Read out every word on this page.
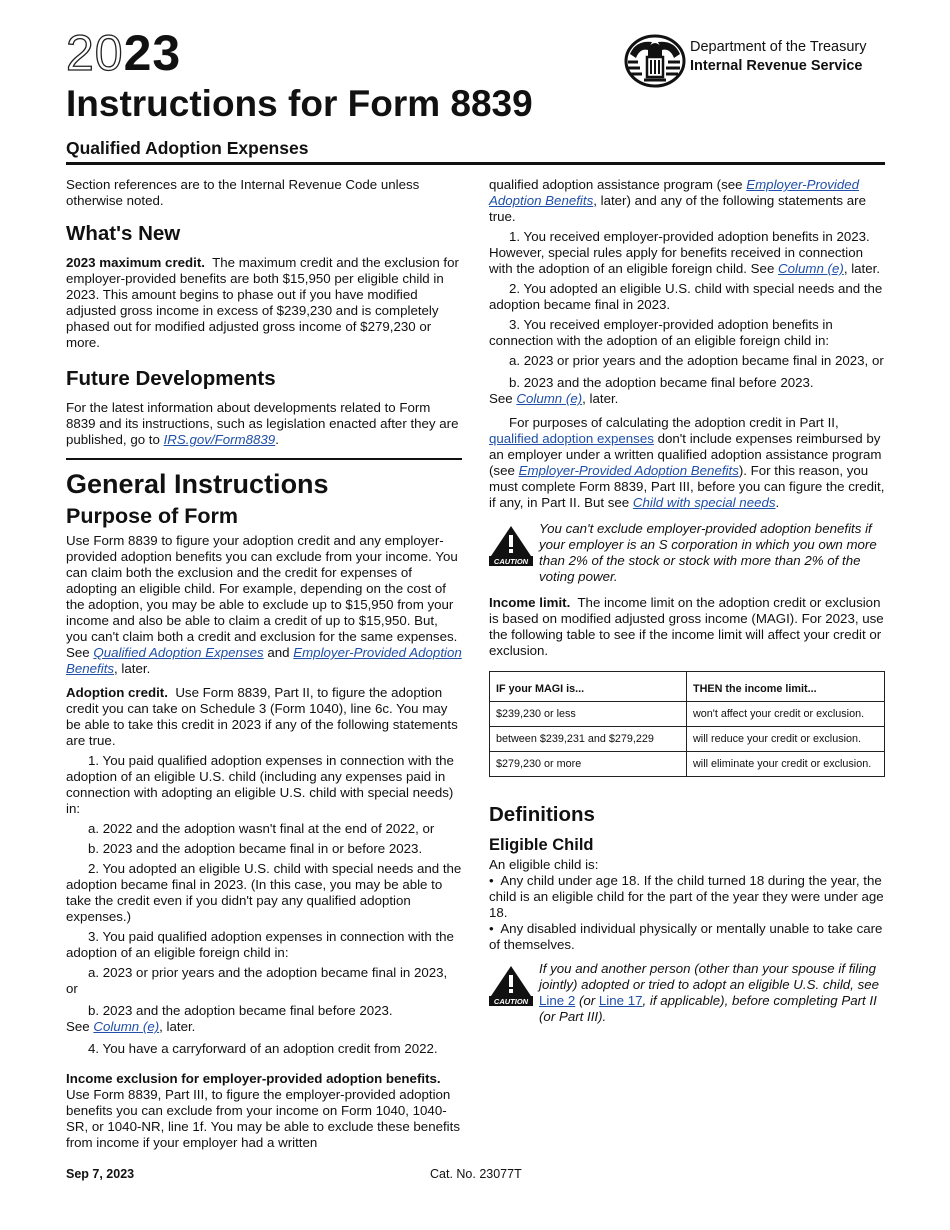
2023
Instructions for Form 8839
Qualified Adoption Expenses
Department of the Treasury
Internal Revenue Service

Section references are to the Internal Revenue Code unless otherwise noted.

What's New

2023 maximum credit. The maximum credit and the exclusion for employer-provided benefits are both $15,950 per eligible child in 2023. This amount begins to phase out if you have modified adjusted gross income in excess of $239,230 and is completely phased out for modified adjusted gross income of $279,230 or more.

Future Developments

For the latest information about developments related to Form 8839 and its instructions, such as legislation enacted after they are published, go to IRS.gov/Form8839.

General Instructions
Purpose of Form

Use Form 8839 to figure your adoption credit and any employer-provided adoption benefits you can exclude from your income. You can claim both the exclusion and the credit for expenses of adopting an eligible child. For example, depending on the cost of the adoption, you may be able to exclude up to $15,950 from your income and also be able to claim a credit of up to $15,950. But, you can't claim both a credit and exclusion for the same expenses. See Qualified Adoption Expenses and Employer-Provided Adoption Benefits, later.

Adoption credit. Use Form 8839, Part II, to figure the adoption credit you can take on Schedule 3 (Form 1040), line 6c. You may be able to take this credit in 2023 if any of the following statements are true.

1. You paid qualified adoption expenses in connection with the adoption of an eligible U.S. child (including any expenses paid in connection with adopting an eligible U.S. child with special needs) in:

a. 2022 and the adoption wasn't final at the end of 2022, or

b. 2023 and the adoption became final in or before 2023.

2. You adopted an eligible U.S. child with special needs and the adoption became final in 2023. (In this case, you may be able to take the credit even if you didn't pay any qualified adoption expenses.)

3. You paid qualified adoption expenses in connection with the adoption of an eligible foreign child in:

a. 2023 or prior years and the adoption became final in 2023, or

b. 2023 and the adoption became final before 2023.

See Column (e), later.

4. You have a carryforward of an adoption credit from 2022.

Income exclusion for employer-provided adoption benefits. Use Form 8839, Part III, to figure the employer-provided adoption benefits you can exclude from your income on Form 1040, 1040-SR, or 1040-NR, line 1f. You may be able to exclude these benefits from income if your employer had a written

qualified adoption assistance program (see Employer-Provided Adoption Benefits, later) and any of the following statements are true.

1. You received employer-provided adoption benefits in 2023. However, special rules apply for benefits received in connection with the adoption of an eligible foreign child. See Column (e), later.

2. You adopted an eligible U.S. child with special needs and the adoption became final in 2023.

3. You received employer-provided adoption benefits in connection with the adoption of an eligible foreign child in:

a. 2023 or prior years and the adoption became final in 2023, or

b. 2023 and the adoption became final before 2023.

See Column (e), later.

For purposes of calculating the adoption credit in Part II, qualified adoption expenses don't include expenses reimbursed by an employer under a written qualified adoption assistance program (see Employer-Provided Adoption Benefits). For this reason, you must complete Form 8839, Part III, before you can figure the credit, if any, in Part II. But see Child with special needs.

CAUTION
You can't exclude employer-provided adoption benefits if your employer is an S corporation in which you own more than 2% of the stock or stock with more than 2% of the voting power.

Income limit. The income limit on the adoption credit or exclusion is based on modified adjusted gross income (MAGI). For 2023, use the following table to see if the income limit will affect your credit or exclusion.

IF your MAGI is...	THEN the income limit...
$239,230 or less	won't affect your credit or exclusion.
between $239,231 and $279,229	will reduce your credit or exclusion.
$279,230 or more	will eliminate your credit or exclusion.
Definitions
Eligible Child

An eligible child is:

• Any child under age 18. If the child turned 18 during the year, the child is an eligible child for the part of the year they were under age 18.

• Any disabled individual physically or mentally unable to take care of themselves.

CAUTION
If you and another person (other than your spouse if filing jointly) adopted or tried to adopt an eligible U.S. child, see Line 2 (or Line 17, if applicable), before completing Part II (or Part III).
Sep 7, 2023	Cat. No. 23077T
